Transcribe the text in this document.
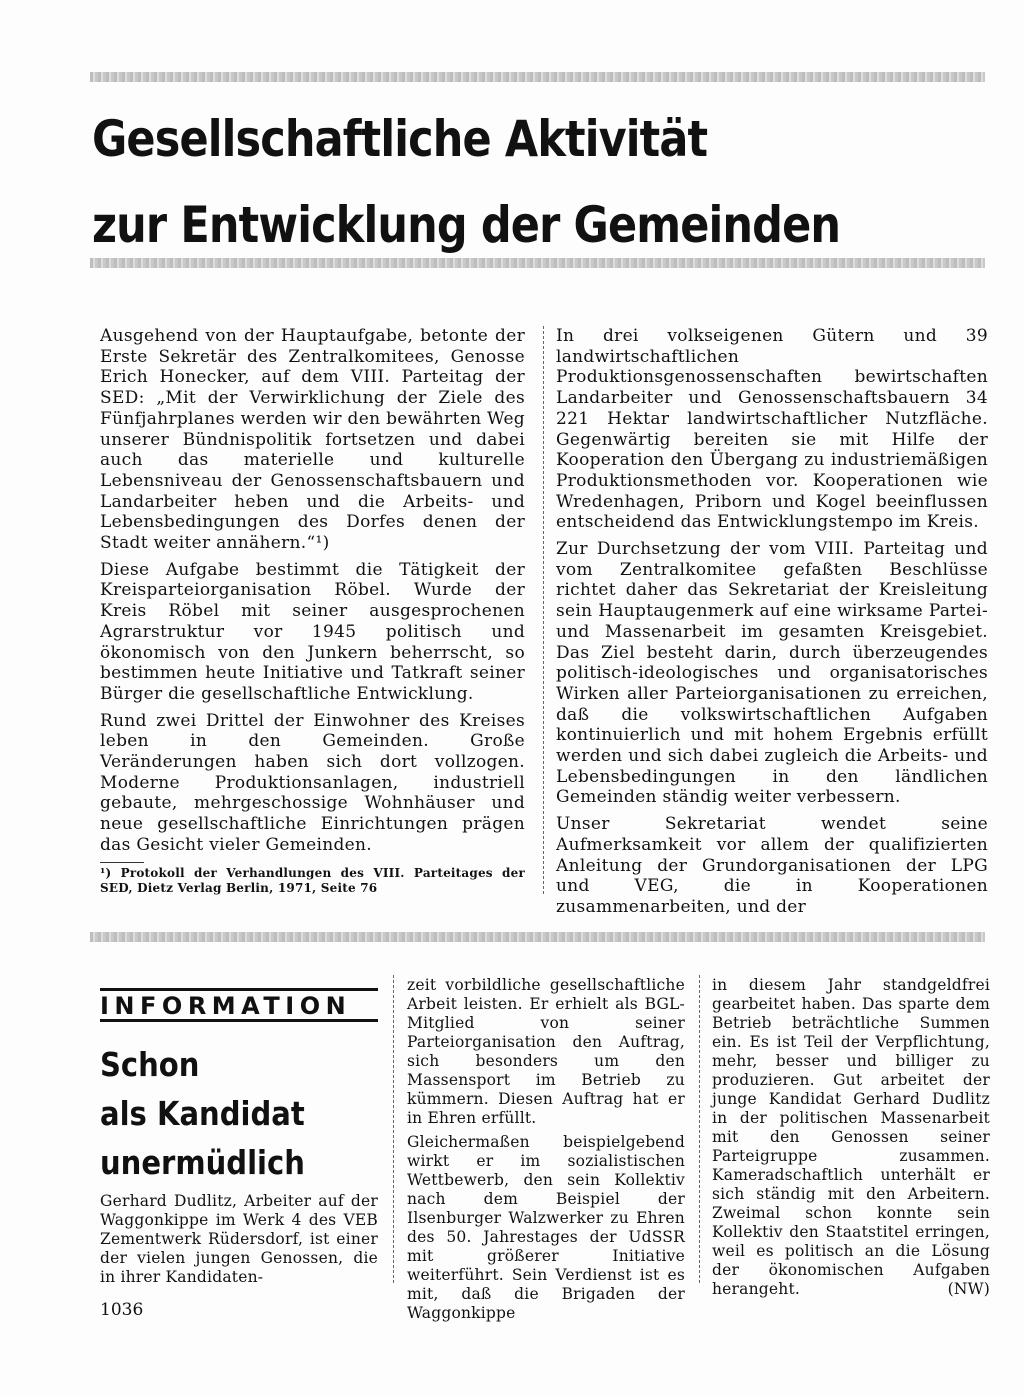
Gesellschaftliche Aktivität
zur Entwicklung der Gemeinden

Ausgehend von der Hauptaufgabe, betonte der Erste Sekretär des Zentralkomitees, Genosse Erich Honecker, auf dem VIII. Parteitag der SED: „Mit der Verwirklichung der Ziele des Fünfjahrplanes werden wir den bewährten Weg unserer Bündnispolitik fortsetzen und dabei auch das materielle und kulturelle Lebensniveau der Genossenschaftsbauern und Landarbeiter heben und die Arbeits- und Lebensbedingungen des Dorfes denen der Stadt weiter annähern.“¹)

Diese Aufgabe bestimmt die Tätigkeit der Kreisparteiorganisation Röbel. Wurde der Kreis Röbel mit seiner ausgesprochenen Agrarstruktur vor 1945 politisch und ökonomisch von den Junkern beherrscht, so bestimmen heute Initiative und Tatkraft seiner Bürger die gesellschaftliche Entwicklung.

Rund zwei Drittel der Einwohner des Kreises leben in den Gemeinden. Große Veränderungen haben sich dort vollzogen. Moderne Produktionsanlagen, industriell gebaute, mehrgeschossige Wohnhäuser und neue gesellschaftliche Einrichtungen prägen das Gesicht vieler Gemeinden.

¹) Protokoll der Verhandlungen des VIII. Parteitages der SED, Dietz Verlag Berlin, 1971, Seite 76

In drei volkseigenen Gütern und 39 landwirtschaftlichen Produktionsgenossenschaften bewirtschaften Landarbeiter und Genossenschaftsbauern 34 221 Hektar landwirtschaftlicher Nutzfläche. Gegenwärtig bereiten sie mit Hilfe der Kooperation den Übergang zu industriemäßigen Produktionsmethoden vor. Kooperationen wie Wredenhagen, Priborn und Kogel beeinflussen entscheidend das Entwicklungstempo im Kreis.

Zur Durchsetzung der vom VIII. Parteitag und vom Zentralkomitee gefaßten Beschlüsse richtet daher das Sekretariat der Kreisleitung sein Hauptaugenmerk auf eine wirksame Partei- und Massenarbeit im gesamten Kreisgebiet. Das Ziel besteht darin, durch überzeugendes politisch-ideologisches und organisatorisches Wirken aller Parteiorganisationen zu erreichen, daß die volkswirtschaftlichen Aufgaben kontinuierlich und mit hohem Ergebnis erfüllt werden und sich dabei zugleich die Arbeits- und Lebensbedingungen in den ländlichen Gemeinden ständig weiter verbessern.

Unser Sekretariat wendet seine Aufmerksamkeit vor allem der qualifizierten Anleitung der Grundorganisationen der LPG und VEG, die in Kooperationen zusammenarbeiten, und der

INFORMATION
Schon
als Kandidat
unermüdlich

Gerhard Dudlitz, Arbeiter auf der Waggonkippe im Werk 4 des VEB Zementwerk Rüdersdorf, ist einer der vielen jungen Genossen, die in ihrer Kandidaten-

zeit vorbildliche gesellschaftliche Arbeit leisten. Er erhielt als BGL-Mitglied von seiner Parteiorganisation den Auftrag, sich besonders um den Massensport im Betrieb zu kümmern. Diesen Auftrag hat er in Ehren erfüllt.

Gleichermaßen beispielgebend wirkt er im sozialistischen Wettbewerb, den sein Kollektiv nach dem Beispiel der Ilsenburger Walzwerker zu Ehren des 50. Jahrestages der UdSSR mit größerer Initiative weiterführt. Sein Verdienst ist es mit, daß die Brigaden der Waggonkippe

in diesem Jahr standgeldfrei gearbeitet haben. Das sparte dem Betrieb beträchtliche Summen ein. Es ist Teil der Verpflichtung, mehr, besser und billiger zu produzieren. Gut arbeitet der junge Kandidat Gerhard Dudlitz in der politischen Massenarbeit mit den Genossen seiner Parteigruppe zusammen. Kameradschaftlich unterhält er sich ständig mit den Arbeitern. Zweimal schon konnte sein Kollektiv den Staatstitel erringen, weil es politisch an die Lösung der ökonomischen Aufgaben herangeht.	(NW)

1036
